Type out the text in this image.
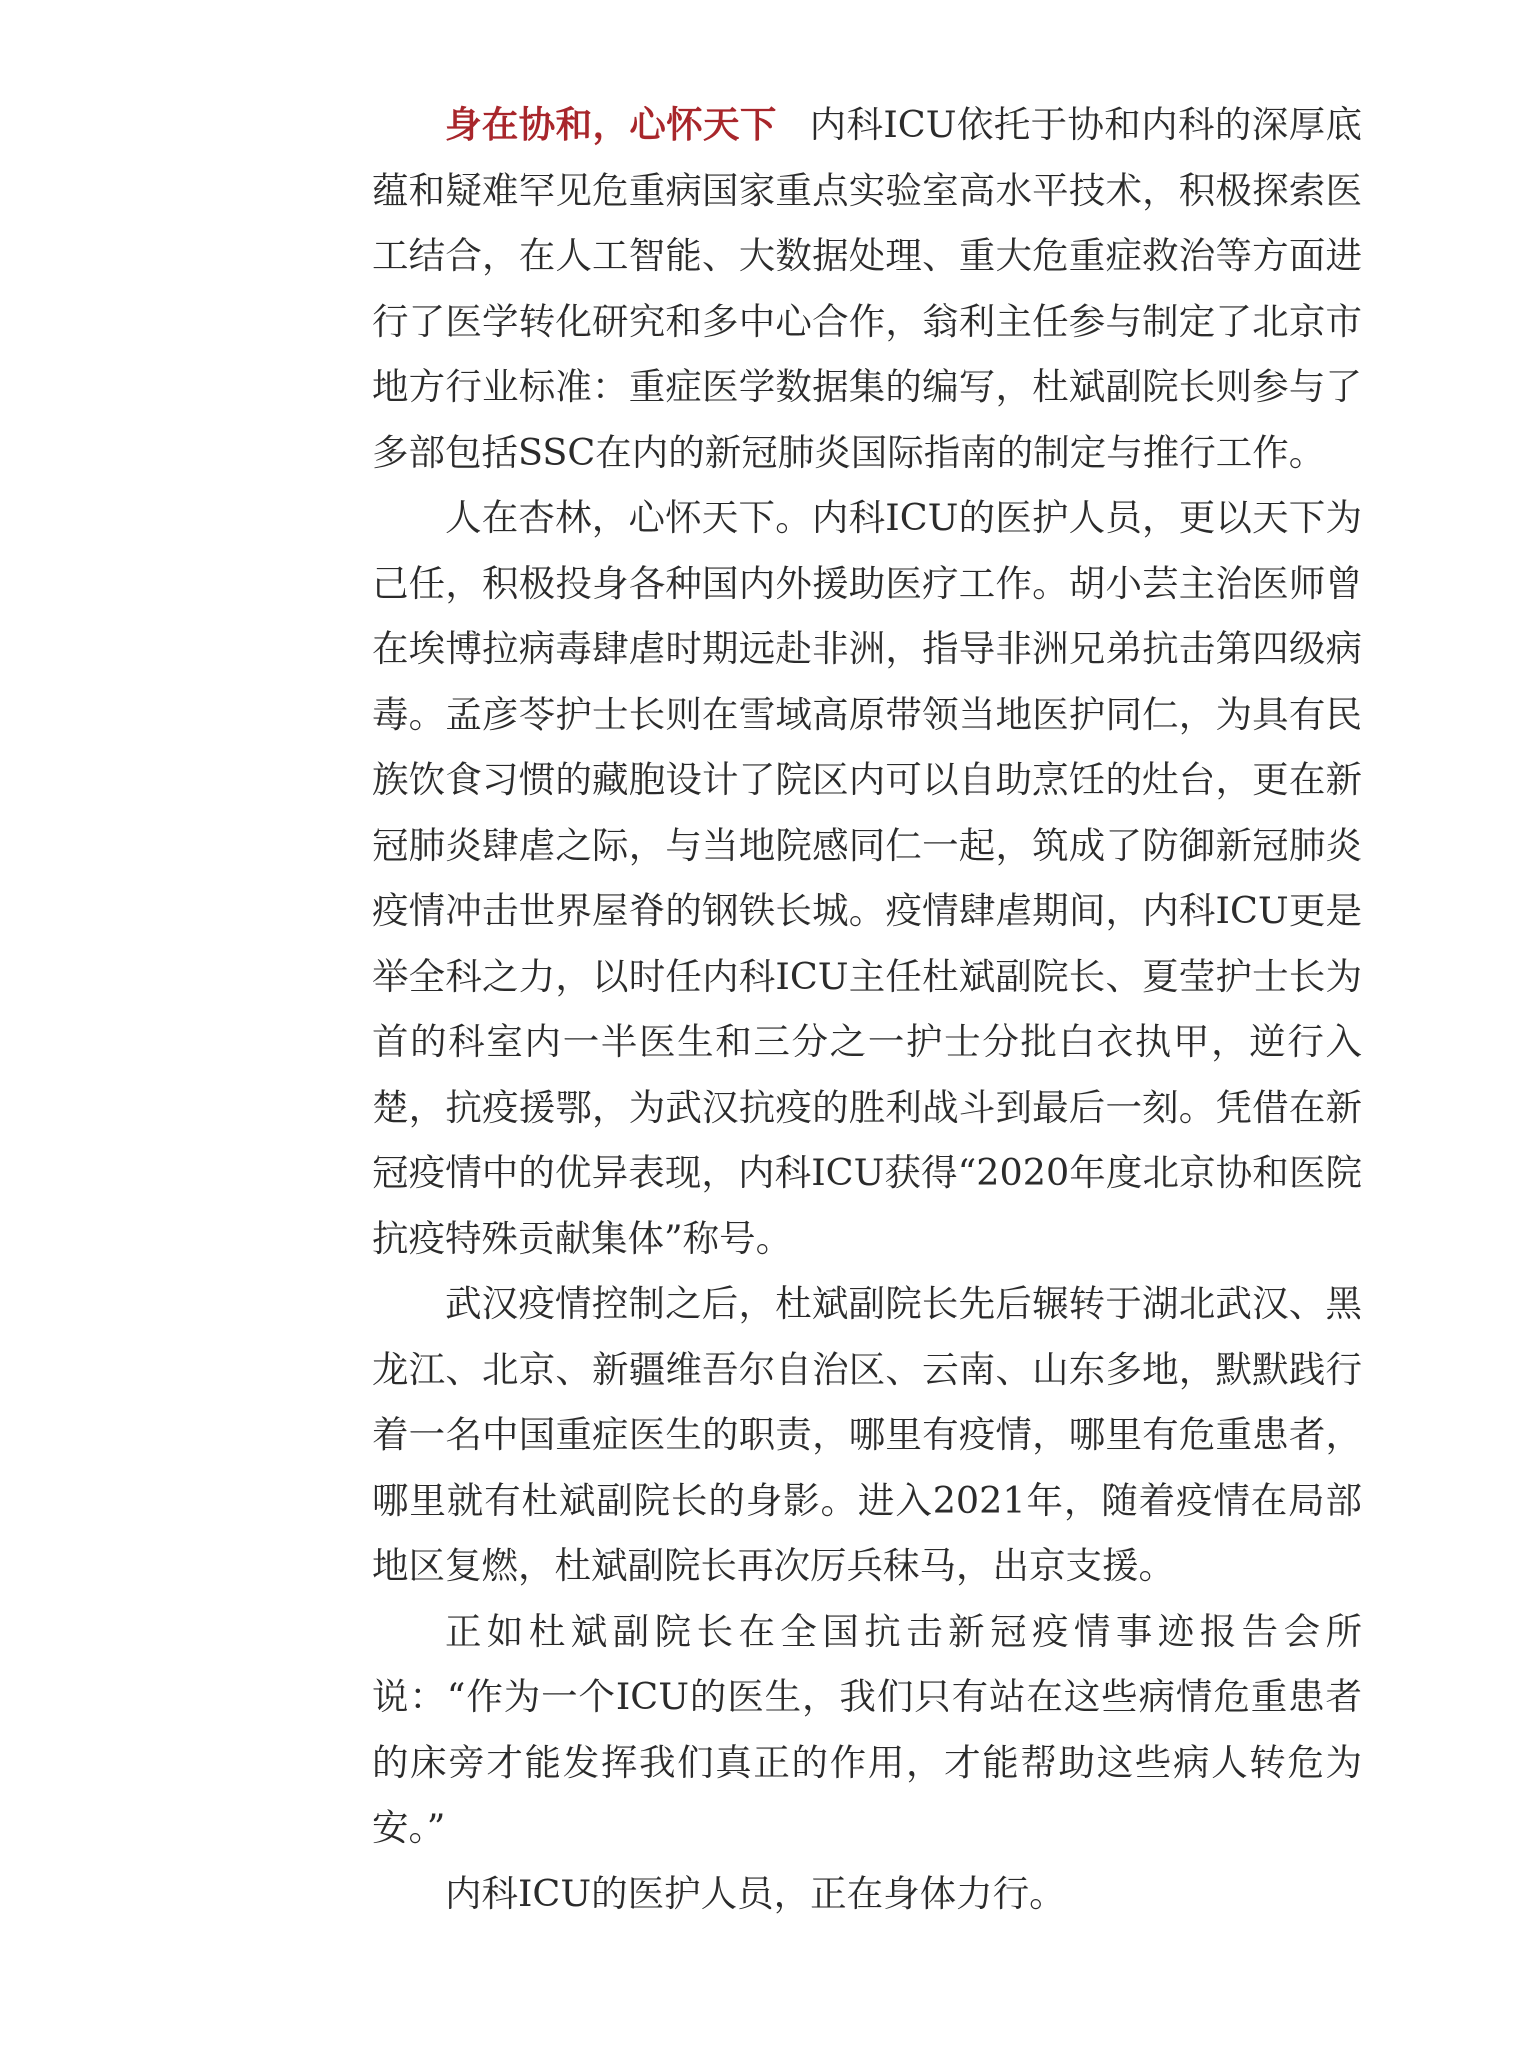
身在协和，心怀天下 内科ICU依托于协和内科的深厚底蕴和疑难罕见危重病国家重点实验室高水平技术，积极探索医工结合，在人工智能、大数据处理、重大危重症救治等方面进行了医学转化研究和多中心合作，翁利主任参与制定了北京市地方行业标准：重症医学数据集的编写，杜斌副院长则参与了多部包括SSC在内的新冠肺炎国际指南的制定与推行工作。

人在杏林，心怀天下。内科ICU的医护人员，更以天下为己任，积极投身各种国内外援助医疗工作。胡小芸主治医师曾在埃博拉病毒肆虐时期远赴非洲，指导非洲兄弟抗击第四级病毒。孟彦苓护士长则在雪域高原带领当地医护同仁，为具有民族饮食习惯的藏胞设计了院区内可以自助烹饪的灶台，更在新冠肺炎肆虐之际，与当地院感同仁一起，筑成了防御新冠肺炎疫情冲击世界屋脊的钢铁长城。疫情肆虐期间，内科ICU更是举全科之力，以时任内科ICU主任杜斌副院长、夏莹护士长为首的科室内一半医生和三分之一护士分批白衣执甲，逆行入楚，抗疫援鄂，为武汉抗疫的胜利战斗到最后一刻。凭借在新冠疫情中的优异表现，内科ICU获得“2020年度北京协和医院抗疫特殊贡献集体”称号。

武汉疫情控制之后，杜斌副院长先后辗转于湖北武汉、黑龙江、北京、新疆维吾尔自治区、云南、山东多地，默默践行着一名中国重症医生的职责，哪里有疫情，哪里有危重患者，哪里就有杜斌副院长的身影。进入2021年，随着疫情在局部地区复燃，杜斌副院长再次厉兵秣马，出京支援。

正如杜斌副院长在全国抗击新冠疫情事迹报告会所说：“作为一个ICU的医生，我们只有站在这些病情危重患者的床旁才能发挥我们真正的作用，才能帮助这些病人转危为安。”

内科ICU的医护人员，正在身体力行。
